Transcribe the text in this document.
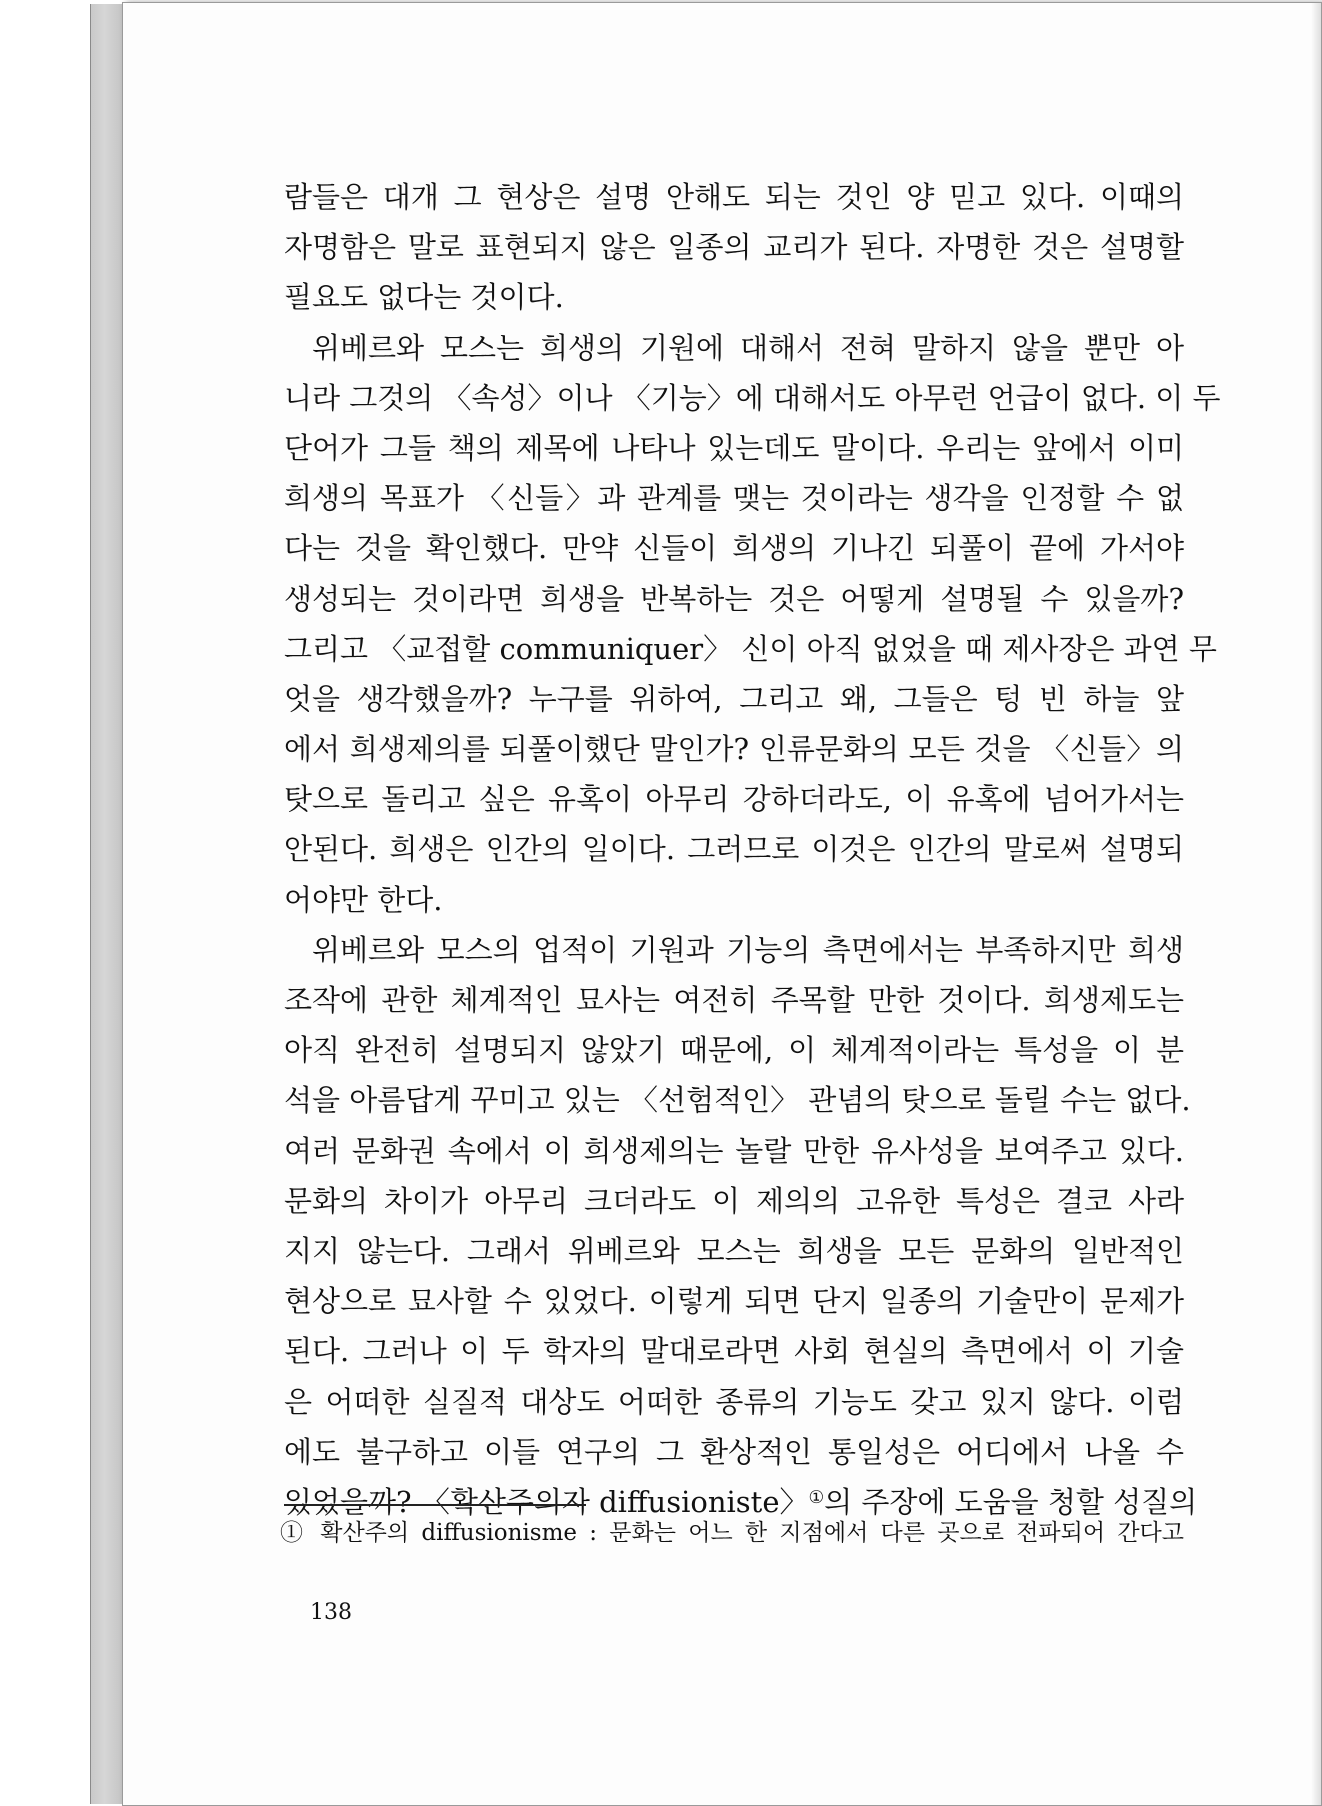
람들은 대개 그 현상은 설명 안해도 되는 것인 양 믿고 있다. 이때의
자명함은 말로 표현되지 않은 일종의 교리가 된다. 자명한 것은 설명할
필요도 없다는 것이다.
위베르와 모스는 희생의 기원에 대해서 전혀 말하지 않을 뿐만 아
니라 그것의 〈속성〉이나 〈기능〉에 대해서도 아무런 언급이 없다. 이 두
단어가 그들 책의 제목에 나타나 있는데도 말이다. 우리는 앞에서 이미
희생의 목표가 〈신들〉과 관계를 맺는 것이라는 생각을 인정할 수 없
다는 것을 확인했다. 만약 신들이 희생의 기나긴 되풀이 끝에 가서야
생성되는 것이라면 희생을 반복하는 것은 어떻게 설명될 수 있을까?
그리고 〈교접할 communiquer〉 신이 아직 없었을 때 제사장은 과연 무
엇을 생각했을까? 누구를 위하여, 그리고 왜, 그들은 텅 빈 하늘 앞
에서 희생제의를 되풀이했단 말인가? 인류문화의 모든 것을 〈신들〉의
탓으로 돌리고 싶은 유혹이 아무리 강하더라도, 이 유혹에 넘어가서는
안된다. 희생은 인간의 일이다. 그러므로 이것은 인간의 말로써 설명되
어야만 한다.
위베르와 모스의 업적이 기원과 기능의 측면에서는 부족하지만 희생
조작에 관한 체계적인 묘사는 여전히 주목할 만한 것이다. 희생제도는
아직 완전히 설명되지 않았기 때문에, 이 체계적이라는 특성을 이 분
석을 아름답게 꾸미고 있는 〈선험적인〉 관념의 탓으로 돌릴 수는 없다.
여러 문화권 속에서 이 희생제의는 놀랄 만한 유사성을 보여주고 있다.
문화의 차이가 아무리 크더라도 이 제의의 고유한 특성은 결코 사라
지지 않는다. 그래서 위베르와 모스는 희생을 모든 문화의 일반적인
현상으로 묘사할 수 있었다. 이렇게 되면 단지 일종의 기술만이 문제가
된다. 그러나 이 두 학자의 말대로라면 사회 현실의 측면에서 이 기술
은 어떠한 실질적 대상도 어떠한 종류의 기능도 갖고 있지 않다. 이럼
에도 불구하고 이들 연구의 그 환상적인 통일성은 어디에서 나올 수
있었을까? 〈확산주의자 diffusioniste〉①의 주장에 도움을 청할 성질의
① 확산주의 diffusionisme : 문화는 어느 한 지점에서 다른 곳으로 전파되어 간다고
138
